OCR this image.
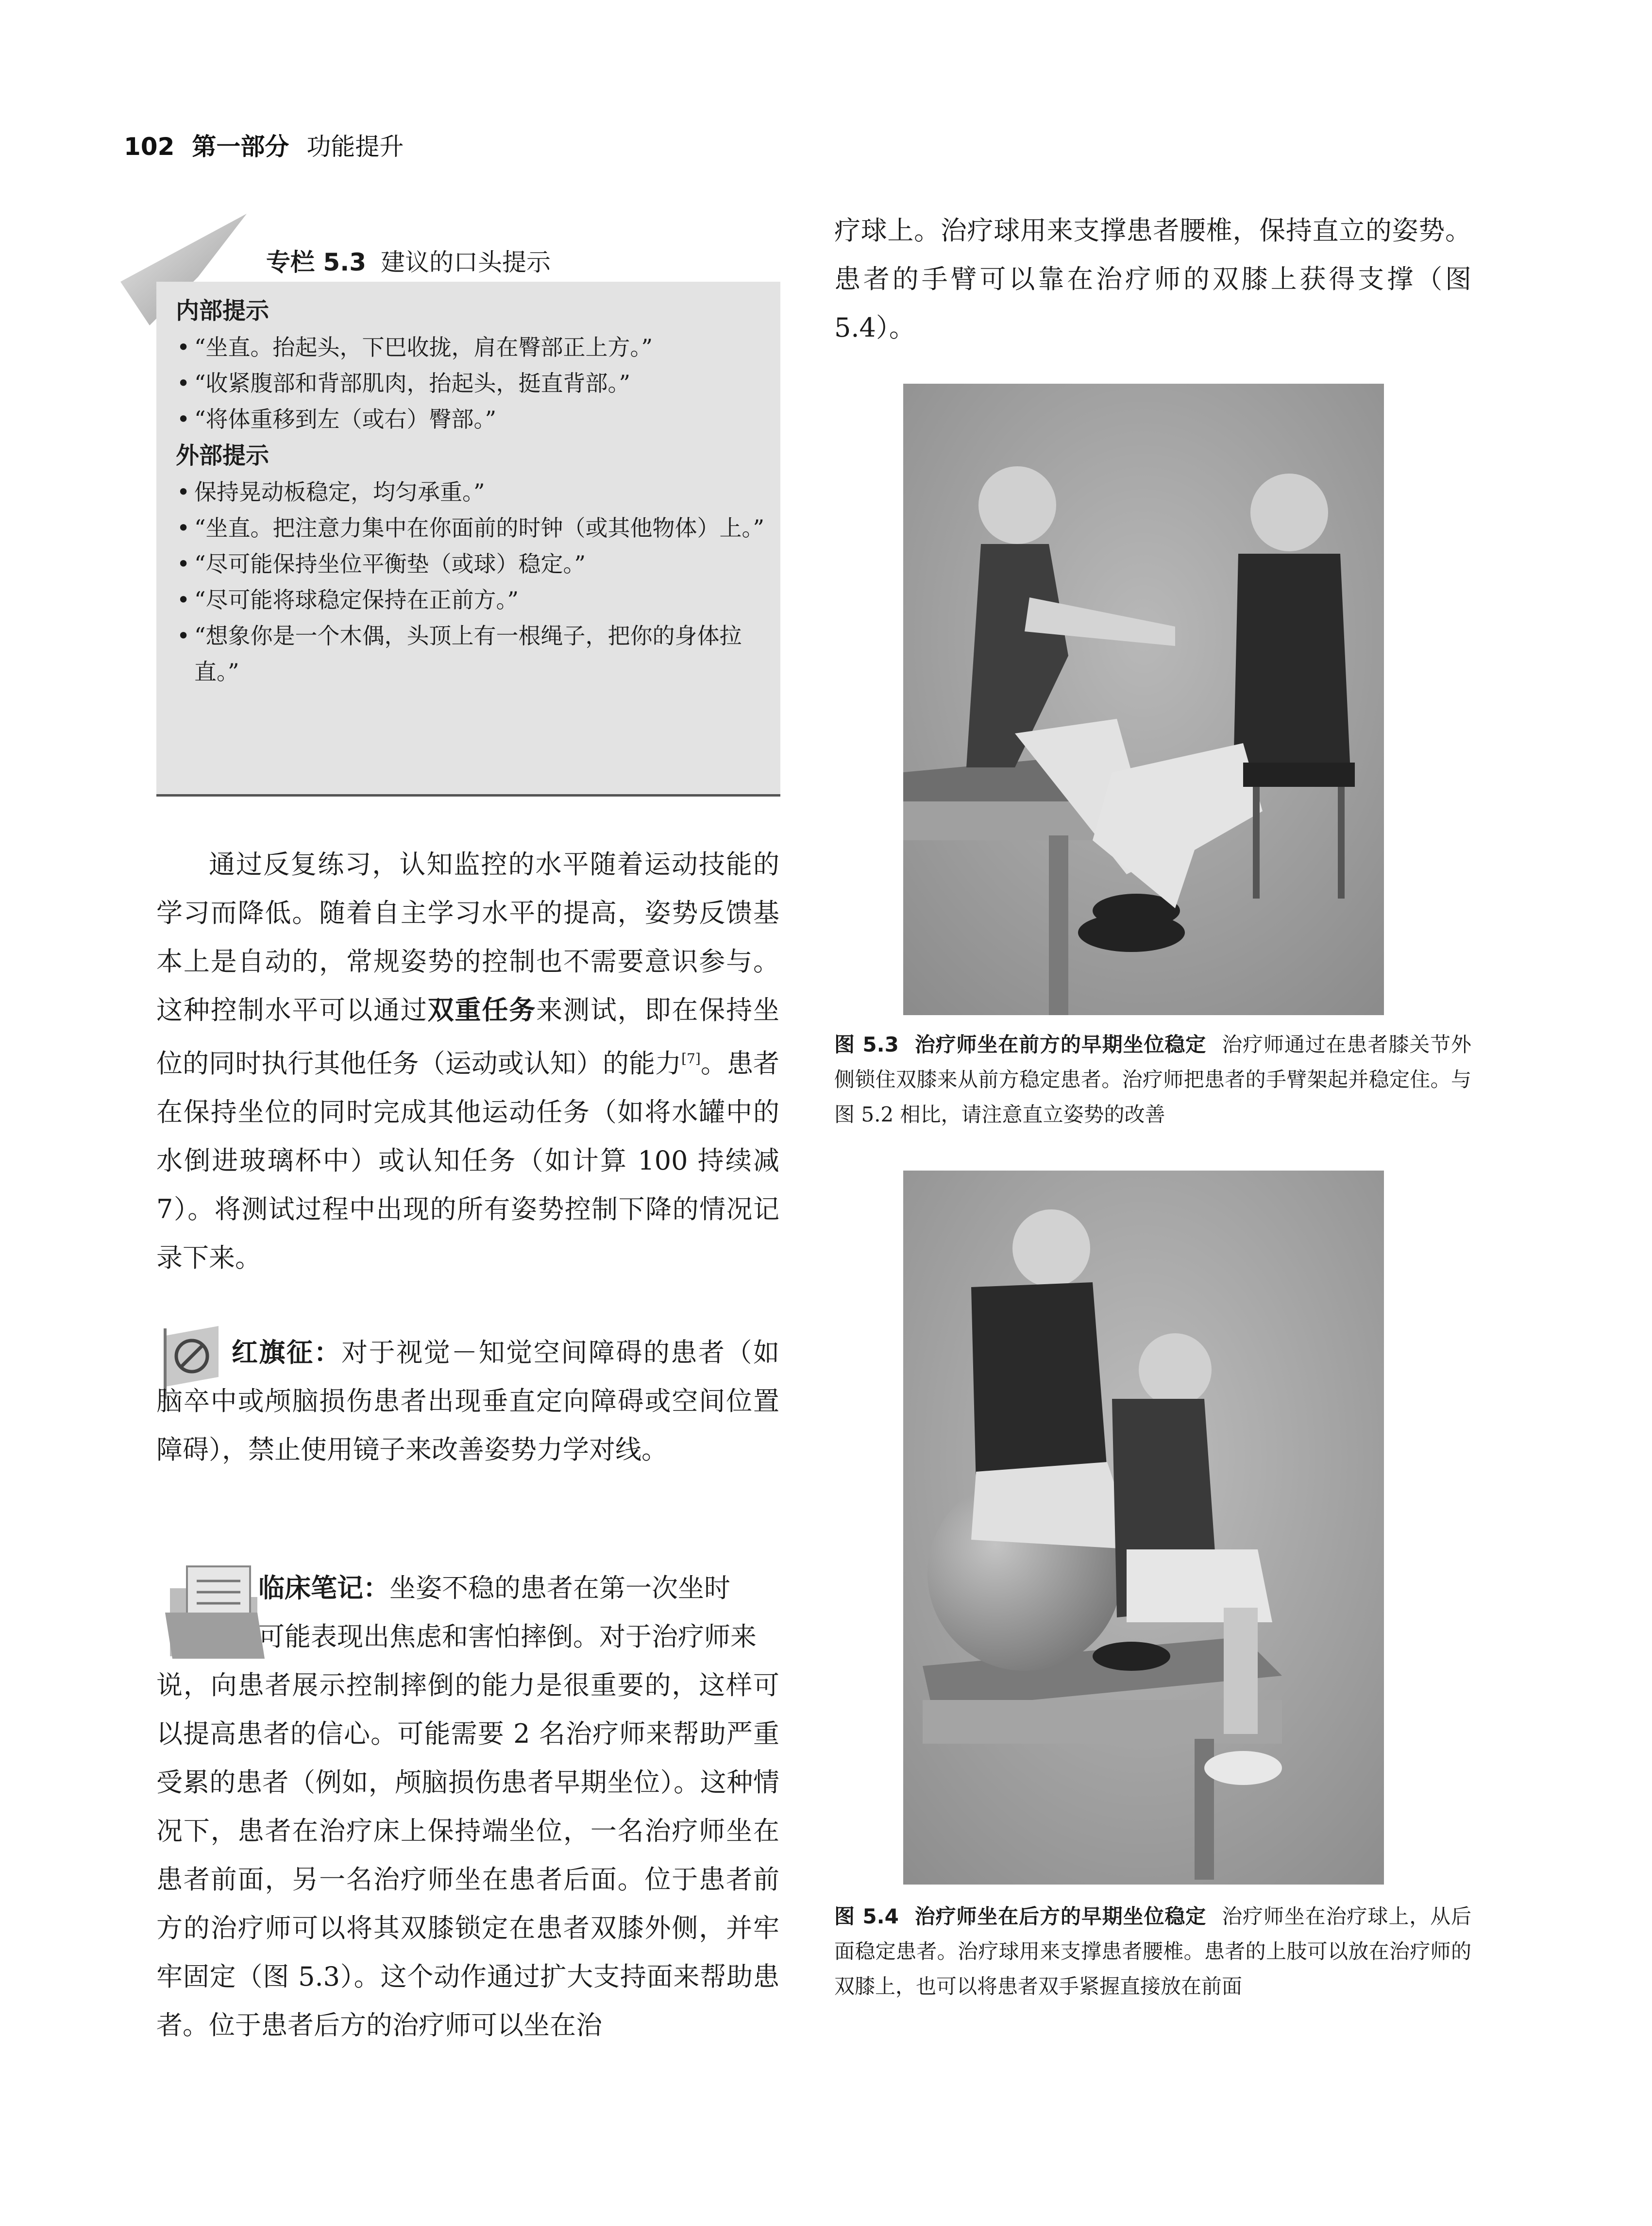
102 第一部分 功能提升
专栏 5.3 建议的口头提示
内部提示
• “坐直。抬起头，下巴收拢，肩在臀部正上方。”
• “收紧腹部和背部肌肉，抬起头，挺直背部。”
• “将体重移到左（或右）臀部。”
外部提示
• 保持晃动板稳定，均匀承重。”
• “坐直。把注意力集中在你面前的时钟（或其他物体）上。”
• “尽可能保持坐位平衡垫（或球）稳定。”
• “尽可能将球稳定保持在正前方。”
• “想象你是一个木偶，头顶上有一根绳子，把你的身体拉直。”
通过反复练习，认知监控的水平随着运动技能的学习而降低。随着自主学习水平的提高，姿势反馈基本上是自动的，常规姿势的控制也不需要意识参与。这种控制水平可以通过双重任务来测试，即在保持坐位的同时执行其他任务（运动或认知）的能力[7]。患者在保持坐位的同时完成其他运动任务（如将水罐中的水倒进玻璃杯中）或认知任务（如计算 100 持续减 7）。将测试过程中出现的所有姿势控制下降的情况记录下来。
红旗征：对于视觉－知觉空间障碍的患者（如脑卒中或颅脑损伤患者出现垂直定向障碍或空间位置障碍），禁止使用镜子来改善姿势力学对线。
临床笔记：坐姿不稳的患者在第一次坐时
可能表现出焦虑和害怕摔倒。对于治疗师来
说，向患者展示控制摔倒的能力是很重要的，这样可以提高患者的信心。可能需要 2 名治疗师来帮助严重受累的患者（例如，颅脑损伤患者早期坐位）。这种情况下，患者在治疗床上保持端坐位，一名治疗师坐在患者前面，另一名治疗师坐在患者后面。位于患者前方的治疗师可以将其双膝锁定在患者双膝外侧，并牢牢固定（图 5.3）。这个动作通过扩大支持面来帮助患者。位于患者后方的治疗师可以坐在治
疗球上。治疗球用来支撑患者腰椎，保持直立的姿势。患者的手臂可以靠在治疗师的双膝上获得支撑（图 5.4）。
图 5.3 治疗师坐在前方的早期坐位稳定 治疗师通过在患者膝关节外侧锁住双膝来从前方稳定患者。治疗师把患者的手臂架起并稳定住。与图 5.2 相比，请注意直立姿势的改善
图 5.4 治疗师坐在后方的早期坐位稳定 治疗师坐在治疗球上，从后面稳定患者。治疗球用来支撑患者腰椎。患者的上肢可以放在治疗师的双膝上，也可以将患者双手紧握直接放在前面
